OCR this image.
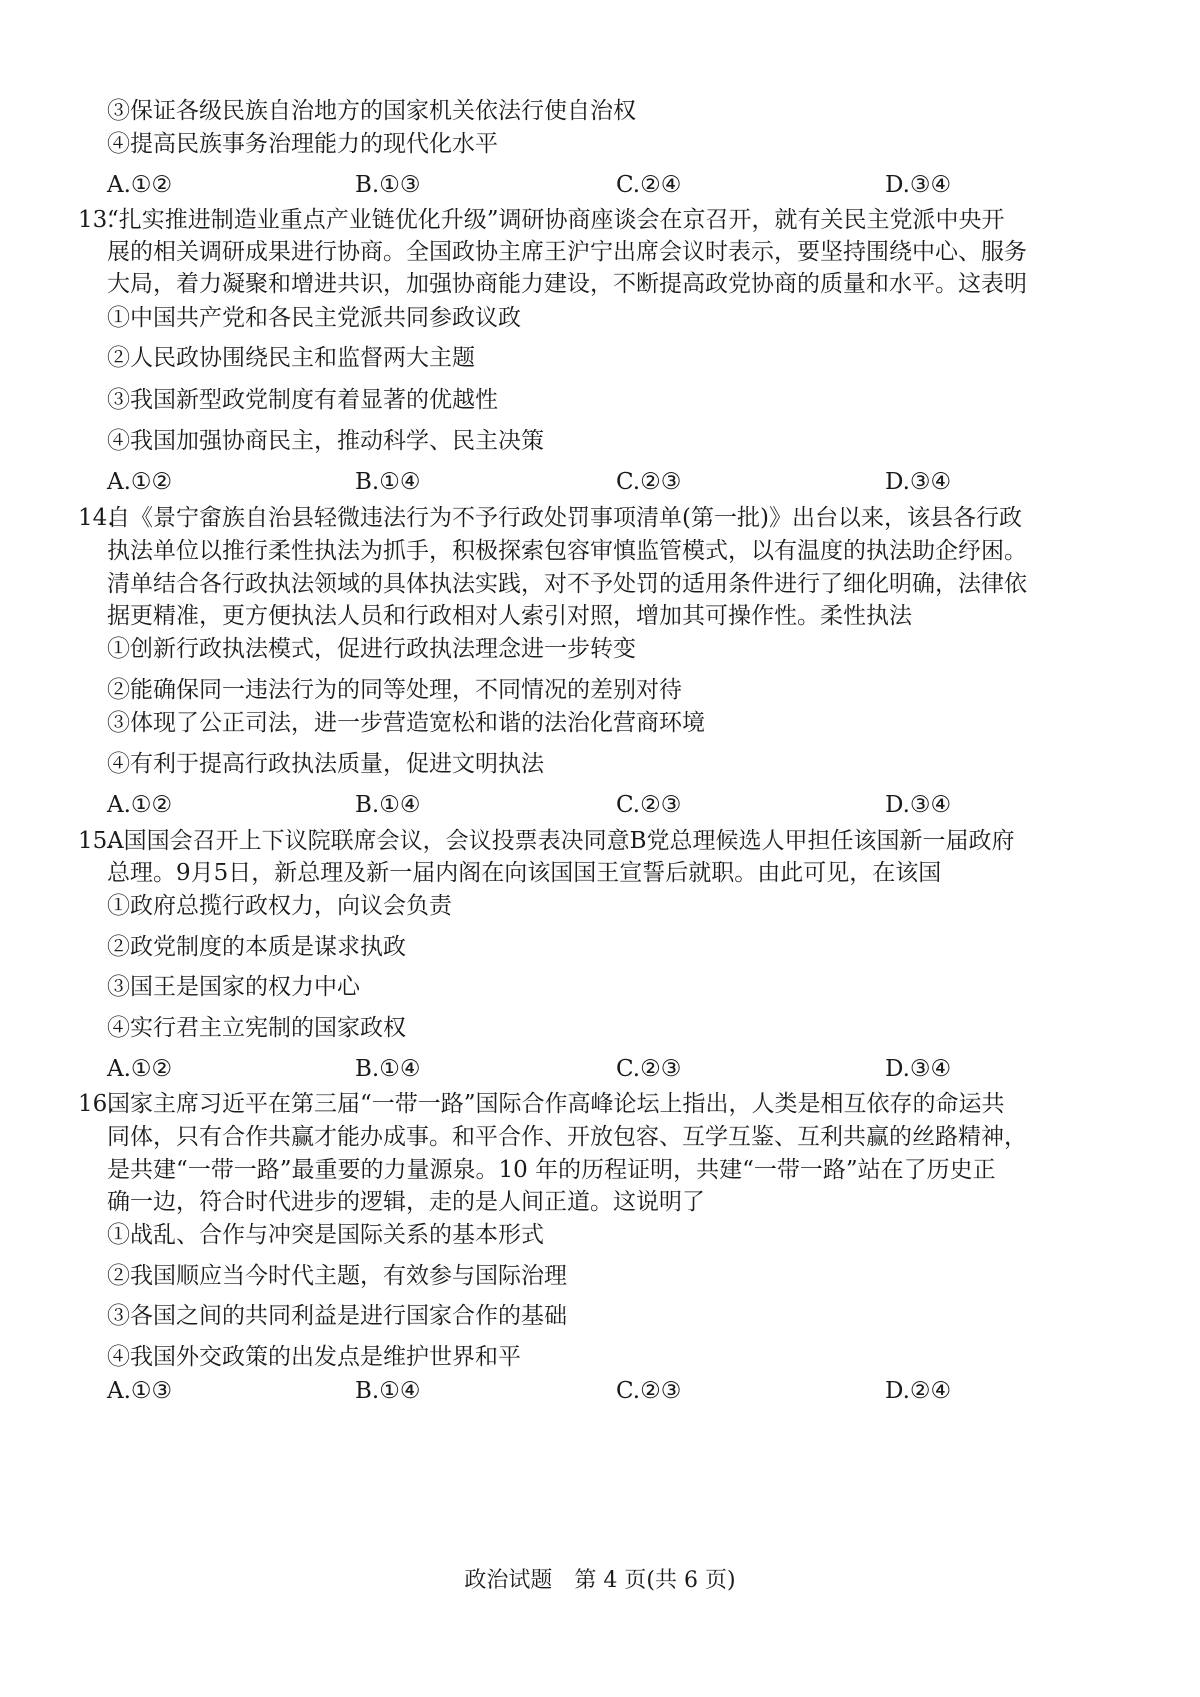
③保证各级民族自治地方的国家机关依法行使自治权
④提高民族事务治理能力的现代化水平
A.①②	B.①③	C.②④	D.③④
13.
“扎实推进制造业重点产业链优化升级”调研协商座谈会在京召开，就有关民主党派中央开
展的相关调研成果进行协商。全国政协主席王沪宁出席会议时表示，要坚持围绕中心、服务
大局，着力凝聚和增进共识，加强协商能力建设，不断提高政党协商的质量和水平。这表明
①中国共产党和各民主党派共同参政议政
②人民政协围绕民主和监督两大主题
③我国新型政党制度有着显著的优越性
④我国加强协商民主，推动科学、民主决策
A.①②	B.①④	C.②③	D.③④
14.
自《景宁畲族自治县轻微违法行为不予行政处罚事项清单(第一批)》出台以来，该县各行政
执法单位以推行柔性执法为抓手，积极探索包容审慎监管模式，以有温度的执法助企纾困。
清单结合各行政执法领域的具体执法实践，对不予处罚的适用条件进行了细化明确，法律依
据更精准，更方便执法人员和行政相对人索引对照，增加其可操作性。柔性执法
①创新行政执法模式，促进行政执法理念进一步转变
②能确保同一违法行为的同等处理，不同情况的差别对待
③体现了公正司法，进一步营造宽松和谐的法治化营商环境
④有利于提高行政执法质量，促进文明执法
A.①②	B.①④	C.②③	D.③④
15.
A国国会召开上下议院联席会议，会议投票表决同意B党总理候选人甲担任该国新一届政府
总理。9月5日，新总理及新一届内阁在向该国国王宣誓后就职。由此可见，在该国
①政府总揽行政权力，向议会负责
②政党制度的本质是谋求执政
③国王是国家的权力中心
④实行君主立宪制的国家政权
A.①②	B.①④	C.②③	D.③④
16.
国家主席习近平在第三届“一带一路”国际合作高峰论坛上指出，人类是相互依存的命运共
同体，只有合作共赢才能办成事。和平合作、开放包容、互学互鉴、互利共赢的丝路精神，
是共建“一带一路”最重要的力量源泉。10 年的历程证明，共建“一带一路”站在了历史正
确一边，符合时代进步的逻辑，走的是人间正道。这说明了
①战乱、合作与冲突是国际关系的基本形式
②我国顺应当今时代主题，有效参与国际治理
③各国之间的共同利益是进行国家合作的基础
④我国外交政策的出发点是维护世界和平
A.①③	B.①④	C.②③	D.②④
政治试题　第 4 页(共 6 页)
